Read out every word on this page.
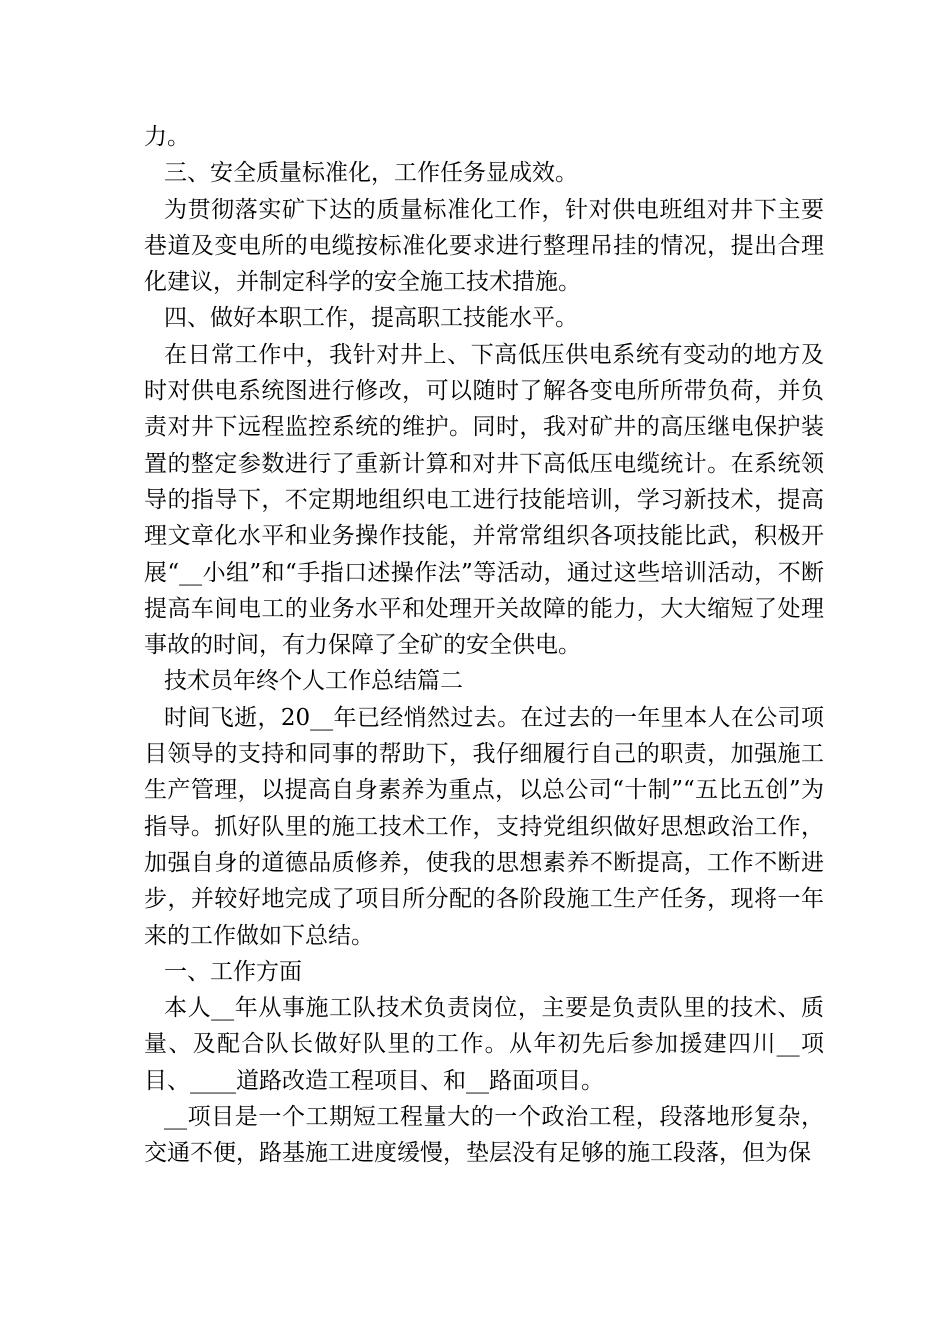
力。

三、安全质量标准化，工作任务显成效。

为贯彻落实矿下达的质量标准化工作，针对供电班组对井下主要巷道及变电所的电缆按标准化要求进行整理吊挂的情况，提出合理化建议，并制定科学的安全施工技术措施。

四、做好本职工作，提高职工技能水平。

在日常工作中，我针对井上、下高低压供电系统有变动的地方及时对供电系统图进行修改，可以随时了解各变电所所带负荷，并负责对井下远程监控系统的维护。同时，我对矿井的高压继电保护装置的整定参数进行了重新计算和对井下高低压电缆统计。在系统领导的指导下，不定期地组织电工进行技能培训，学习新技术，提高理文章化水平和业务操作技能，并常常组织各项技能比武，积极开展“__小组”和“手指口述操作法”等活动，通过这些培训活动，不断提高车间电工的业务水平和处理开关故障的能力，大大缩短了处理事故的时间，有力保障了全矿的安全供电。

技术员年终个人工作总结篇二

时间飞逝，20__年已经悄然过去。在过去的一年里本人在公司项目领导的支持和同事的帮助下，我仔细履行自己的职责，加强施工生产管理，以提高自身素养为重点，以总公司“十制”“五比五创”为指导。抓好队里的施工技术工作，支持党组织做好思想政治工作，加强自身的道德品质修养，使我的思想素养不断提高，工作不断进步，并较好地完成了项目所分配的各阶段施工生产任务，现将一年来的工作做如下总结。

一、工作方面

本人__年从事施工队技术负责岗位，主要是负责队里的技术、质量、及配合队长做好队里的工作。从年初先后参加援建四川__项目、____道路改造工程项目、和__路面项目。

__项目是一个工期短工程量大的一个政治工程，段落地形复杂，交通不便，路基施工进度缓慢，垫层没有足够的施工段落，但为保
